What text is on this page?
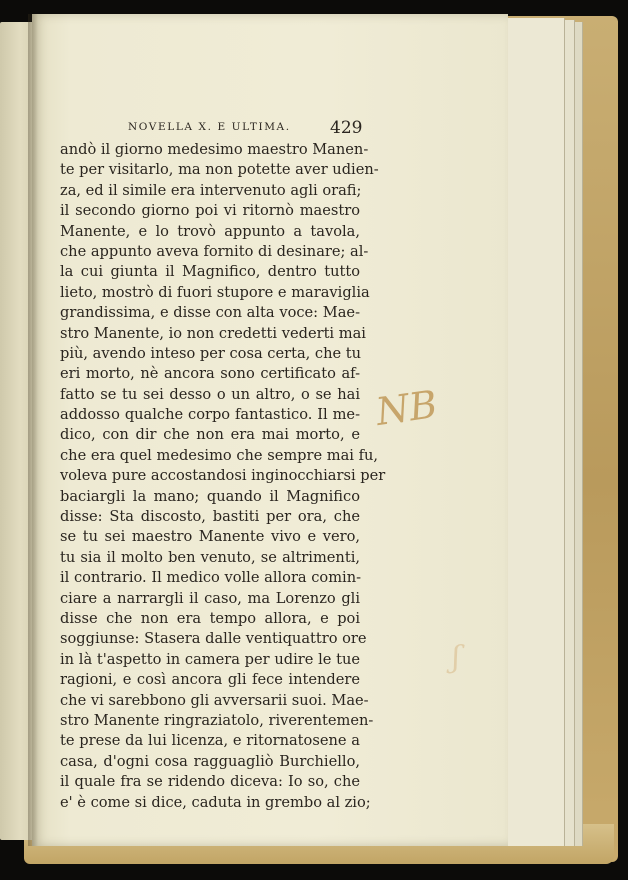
NOVELLA X. E ULTIMA.	429
andò il giorno medesimo maestro Manen-
te per visitarlo, ma non potette aver udien-
za, ed il simile era intervenuto agli orafi;
il secondo giorno poi vi ritornò maestro
Manente, e lo trovò appunto a tavola,
che appunto aveva fornito di desinare; al-
la cui giunta il Magnifico, dentro tutto
lieto, mostrò di fuori stupore e maraviglia
grandissima, e disse con alta voce: Mae-
stro Manente, io non credetti vederti mai
più, avendo inteso per cosa certa, che tu
eri morto, nè ancora sono certificato af-
fatto se tu sei desso o un altro, o se hai
addosso qualche corpo fantastico. Il me-
dico, con dir che non era mai morto, e
che era quel medesimo che sempre mai fu,
voleva pure accostandosi inginocchiarsi per
baciargli la mano; quando il Magnifico
disse: Sta discosto, bastiti per ora, che
se tu sei maestro Manente vivo e vero,
tu sia il molto ben venuto, se altrimenti,
il contrario. Il medico volle allora comin-
ciare a narrargli il caso, ma Lorenzo gli
disse che non era tempo allora, e poi
soggiunse: Stasera dalle ventiquattro ore
in là t'aspetto in camera per udire le tue
ragioni, e così ancora gli fece intendere
che vi sarebbono gli avversarii suoi. Mae-
stro Manente ringraziatolo, riverentemen-
te prese da lui licenza, e ritornatosene a
casa, d'ogni cosa ragguagliò Burchiello,
il quale fra se ridendo diceva: Io so, che
e' è come si dice, caduta in grembo al zio;
NB
ʃ
